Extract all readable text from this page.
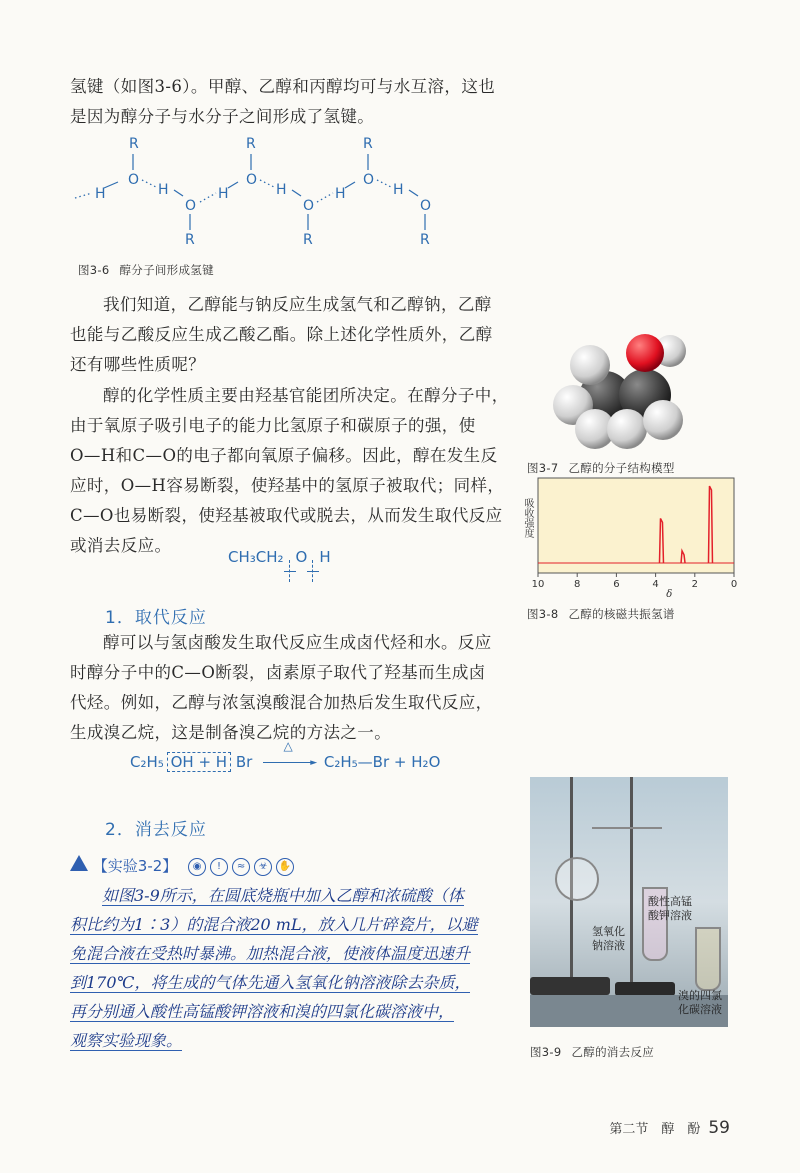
氢键（如图3-6）。甲醇、乙醇和丙醇均可与水互溶，这也

是因为醇分子与水分子之间形成了氢键。

R
O
H	H
O
R
R
O
H	H
O
R
R
O
H	H
O
R
图3-6 醇分子间形成氢键

我们知道，乙醇能与钠反应生成氢气和乙醇钠，乙醇

也能与乙酸反应生成乙酸乙酯。除上述化学性质外，乙醇

还有哪些性质呢？

醇的化学性质主要由羟基官能团所决定。在醇分子中，

由于氧原子吸引电子的能力比氢原子和碳原子的强，使

O—H和C—O的电子都向氧原子偏移。因此，醇在发生反

应时，O—H容易断裂，使羟基中的氢原子被取代；同样，

C—O也易断裂，使羟基被取代或脱去，从而发生取代反应

或消去反应。

CH₃CH₂ O H
图3-7 乙醇的分子结构模型
吸收强度
10	8	6	4	2	0
δ
图3-8 乙醇的核磁共振氢谱
1．取代反应

醇可以与氢卤酸发生取代反应生成卤代烃和水。反应

时醇分子中的C—O断裂，卤素原子取代了羟基而生成卤

代烃。例如，乙醇与浓氢溴酸混合加热后发生取代反应，

生成溴乙烷，这是制备溴乙烷的方法之一。

C₂H₅ OH + H Br
△
► C₂H₅—Br + H₂O
2．消去反应
【实验3-2】	◉	!	≈	☣	✋
如图3-9所示，在圆底烧瓶中加入乙醇和浓硫酸（体
积比约为1∶3）的混合液20 mL，放入几片碎瓷片，以避
免混合液在受热时暴沸。加热混合液，使液体温度迅速升
到170℃，将生成的气体先通入氢氧化钠溶液除去杂质，
再分别通入酸性高锰酸钾溶液和溴的四氯化碳溶液中，
观察实验现象。
酸性高锰
酸钾溶液
氢氧化
钠溶液
溴的四氯
化碳溶液
图3-9 乙醇的消去反应
第二节　醇　酚 59
